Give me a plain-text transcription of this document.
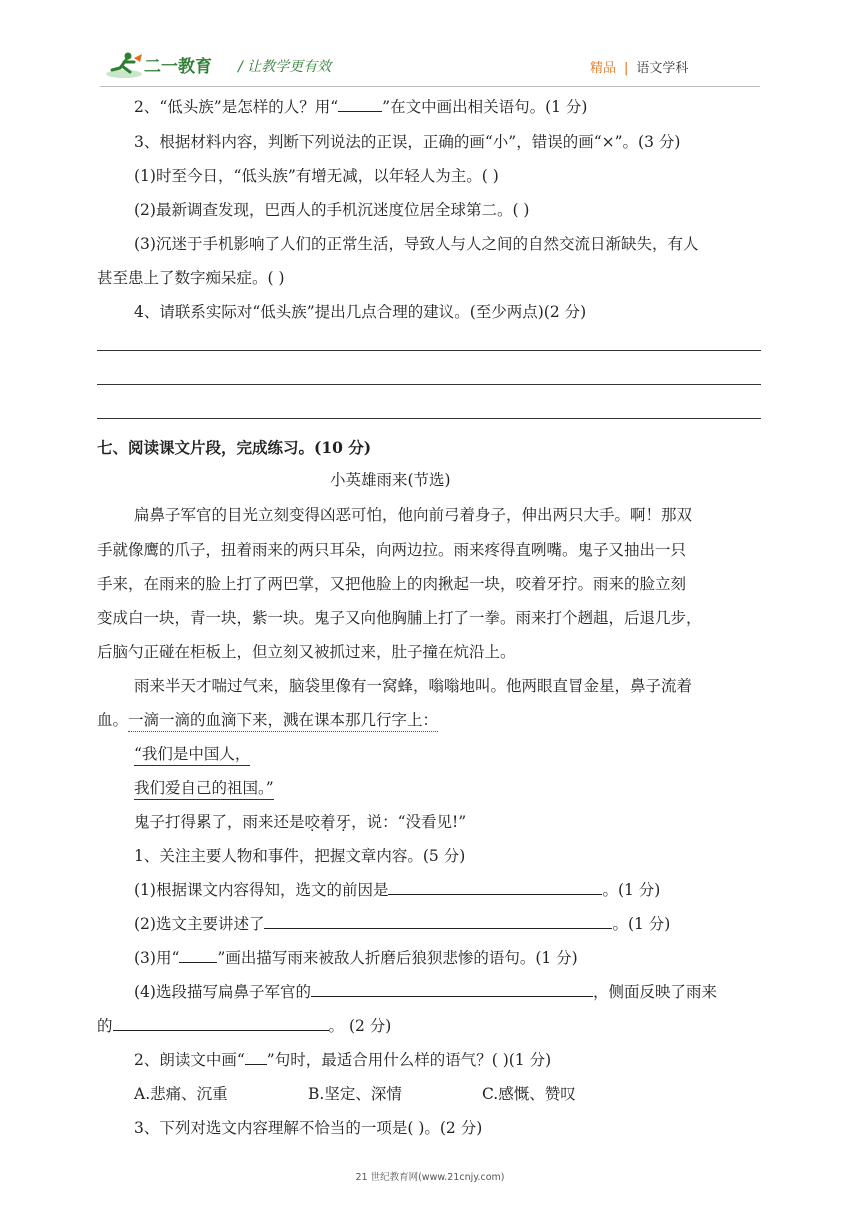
二一教育 / 让教学更有效	精品 | 语文学科
2、“低头族”是怎样的人？用“	”在文中画出相关语句。(1 分)
3、根据材料内容，判断下列说法的正误，正确的画“小”，错误的画“×”。(3 分)
(1)时至今日，“低头族”有增无减，以年轻人为主。( )
(2)最新调查发现，巴西人的手机沉迷度位居全球第二。( )
(3)沉迷于手机影响了人们的正常生活，导致人与人之间的自然交流日渐缺失，有人
甚至患上了数字痴呆症。( )
4、请联系实际对“低头族”提出几点合理的建议。(至少两点)(2 分)
七、阅读课文片段，完成练习。(10 分)
小英雄雨来(节选)
扁鼻子军官的目光立刻变得凶恶可怕，他向前弓着身子，伸出两只大手。啊！那双
手就像鹰的爪子，扭着雨来的两只耳朵，向两边拉。雨来疼得直咧嘴。鬼子又抽出一只
手来，在雨来的脸上打了两巴掌，又把他脸上的肉揪起一块，咬着牙拧。雨来的脸立刻
变成白一块，青一块，紫一块。鬼子又向他胸脯上打了一拳。雨来打个趔趄，后退几步，
后脑勺正碰在柜板上，但立刻又被抓过来，肚子撞在炕沿上。
雨来半天才喘过气来，脑袋里像有一窝蜂，嗡嗡地叫。他两眼直冒金星，鼻子流着
血。一滴一滴的血滴下来，溅在课本那几行字上：
“我们是中国人，
我们爱自己的祖国。”
鬼子打得累了，雨来还是咬着牙，说：“没看见!”
1、关注主要人物和事件，把握文章内容。(5 分)
(1)根据课文内容得知，选文的前因是	。(1 分)
(2)选文主要讲述了	。(1 分)
(3)用“ ”画出描写雨来被敌人折磨后狼狈悲惨的语句。(1 分)
(4)选段描写扁鼻子军官的	，侧面反映了雨来
的	。 (2 分)
2、朗读文中画“ ”句时，最适合用什么样的语气？( )(1 分)
A.悲痛、沉重	B.坚定、深情	C.感慨、赞叹
3、下列对选文内容理解不恰当的一项是( )。(2 分)
21 世纪教育网(www.21cnjy.com)
